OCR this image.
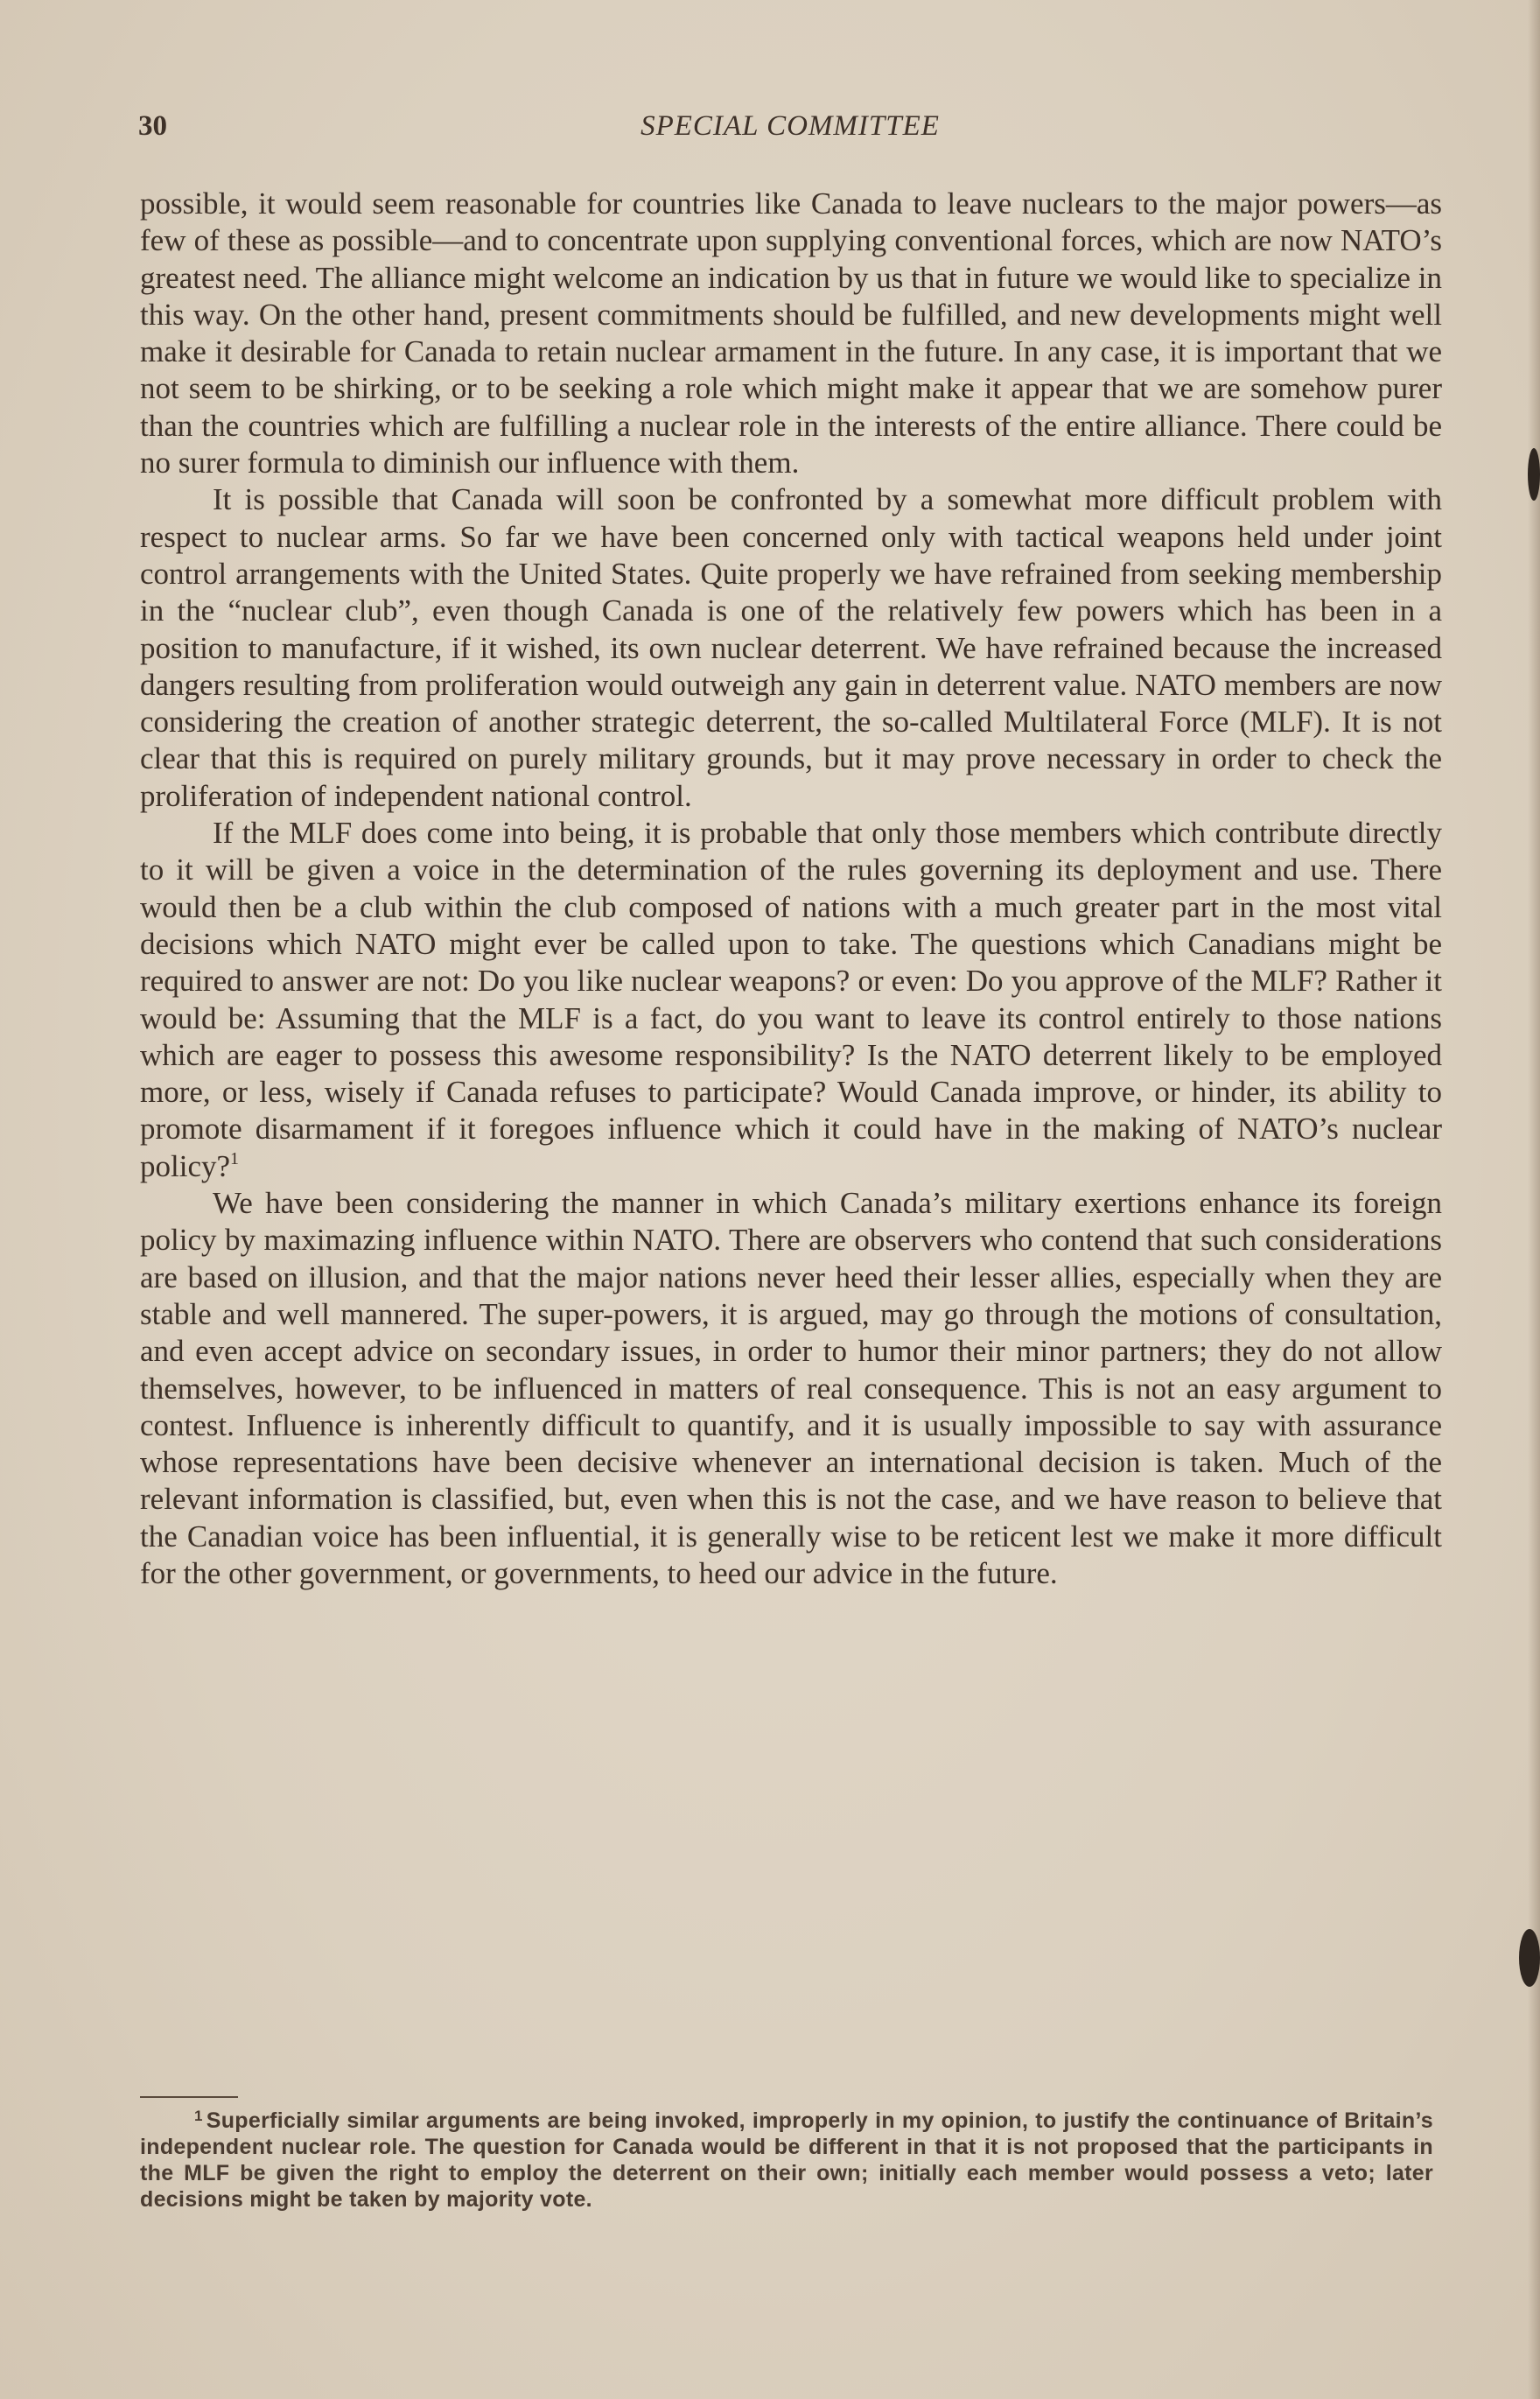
30	SPECIAL COMMITTEE

possible, it would seem reasonable for countries like Canada to leave nuclears to the major powers—as few of these as possible—and to concentrate upon supplying conventional forces, which are now NATO’s greatest need. The alliance might welcome an indication by us that in future we would like to specialize in this way. On the other hand, present commitments should be fulfilled, and new developments might well make it desirable for Canada to retain nuclear armament in the future. In any case, it is important that we not seem to be shirking, or to be seeking a role which might make it appear that we are somehow purer than the countries which are fulfilling a nuclear role in the interests of the entire alliance. There could be no surer formula to diminish our influence with them.

It is possible that Canada will soon be confronted by a somewhat more difficult problem with respect to nuclear arms. So far we have been concerned only with tactical weapons held under joint control arrangements with the United States. Quite properly we have refrained from seeking membership in the “nuclear club”, even though Canada is one of the relatively few powers which has been in a position to manufacture, if it wished, its own nuclear deterrent. We have refrained because the increased dangers resulting from proliferation would outweigh any gain in deterrent value. NATO members are now considering the creation of another strategic deterrent, the so-called Multilateral Force (MLF). It is not clear that this is required on purely military grounds, but it may prove necessary in order to check the proliferation of independent national control.

If the MLF does come into being, it is probable that only those members which contribute directly to it will be given a voice in the determination of the rules governing its deployment and use. There would then be a club within the club composed of nations with a much greater part in the most vital decisions which NATO might ever be called upon to take. The questions which Canadians might be required to answer are not: Do you like nuclear weapons? or even: Do you approve of the MLF? Rather it would be: Assuming that the MLF is a fact, do you want to leave its control entirely to those nations which are eager to possess this awesome responsibility? Is the NATO deterrent likely to be employed more, or less, wisely if Canada refuses to participate? Would Canada improve, or hinder, its ability to promote disarmament if it foregoes influence which it could have in the making of NATO’s nuclear policy?$^1$

We have been considering the manner in which Canada’s military exertions enhance its foreign policy by maximazing influence within NATO. There are observers who contend that such considerations are based on illusion, and that the major nations never heed their lesser allies, especially when they are stable and well mannered. The super-powers, it is argued, may go through the motions of consultation, and even accept advice on secondary issues, in order to humor their minor partners; they do not allow themselves, however, to be influenced in matters of real consequence. This is not an easy argument to contest. Influence is inherently difficult to quantify, and it is usually impossible to say with assurance whose representations have been decisive whenever an international decision is taken. Much of the relevant information is classified, but, even when this is not the case, and we have reason to believe that the Canadian voice has been influential, it is generally wise to be reticent lest we make it more difficult for the other government, or governments, to heed our advice in the future.

$^1$ Superficially similar arguments are being invoked, improperly in my opinion, to justify the continuance of Britain’s independent nuclear role. The question for Canada would be different in that it is not proposed that the participants in the MLF be given the right to employ the deterrent on their own; initially each member would possess a veto; later decisions might be taken by majority vote.
